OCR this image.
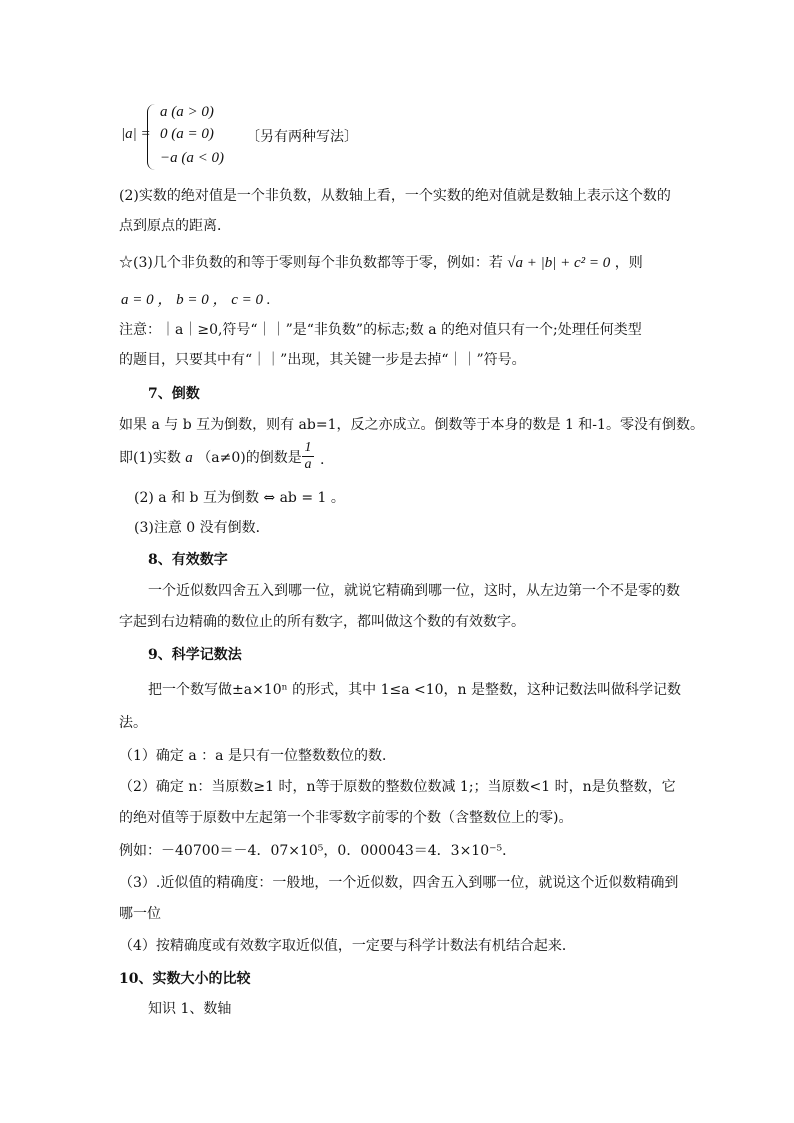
|a| =
a (a > 0)
0 (a = 0)
−a (a < 0)
〔另有两种写法〕
(2)实数的绝对值是一个非负数，从数轴上看，一个实数的绝对值就是数轴上表示这个数的
点到原点的距离．
☆(3)几个非负数的和等于零则每个非负数都等于零，例如：若 √a + |b| + c² = 0 ，则
a = 0 ， b = 0 ， c = 0 .
注意：｜a｜≥0,符号“｜｜”是“非负数”的标志;数 a 的绝对值只有一个;处理任何类型
的题目，只要其中有“｜｜”出现，其关键一步是去掉“｜｜”符号。
7、倒数
如果 a 与 b 互为倒数，则有 ab=1，反之亦成立。倒数等于本身的数是 1 和-1。零没有倒数。
即(1)实数 a （a≠0)的倒数是
1
a .
(2) a 和 b 互为倒数 ⇔ ab = 1 。
(3)注意 0 没有倒数．
8、有效数字
一个近似数四舍五入到哪一位，就说它精确到哪一位，这时，从左边第一个不是零的数
字起到右边精确的数位止的所有数字，都叫做这个数的有效数字。
9、科学记数法
把一个数写做±a×10ⁿ 的形式，其中 1≤a <10，n 是整数，这种记数法叫做科学记数
法。
（1）确定 a ：a 是只有一位整数数位的数．
（2）确定 n：当原数≥1 时，n等于原数的整数位数减 1;；当原数<1 时，n是负整数，它
的绝对值等于原数中左起第一个非零数字前零的个数（含整数位上的零)。
例如：－40700＝－4．07×10⁵，0．000043＝4．3×10⁻⁵．
（3）.近似值的精确度：一般地，一个近似数，四舍五入到哪一位，就说这个近似数精确到
哪一位
（4）按精确度或有效数字取近似值，一定要与科学计数法有机结合起来．
10、实数大小的比较
知识 1、数轴
